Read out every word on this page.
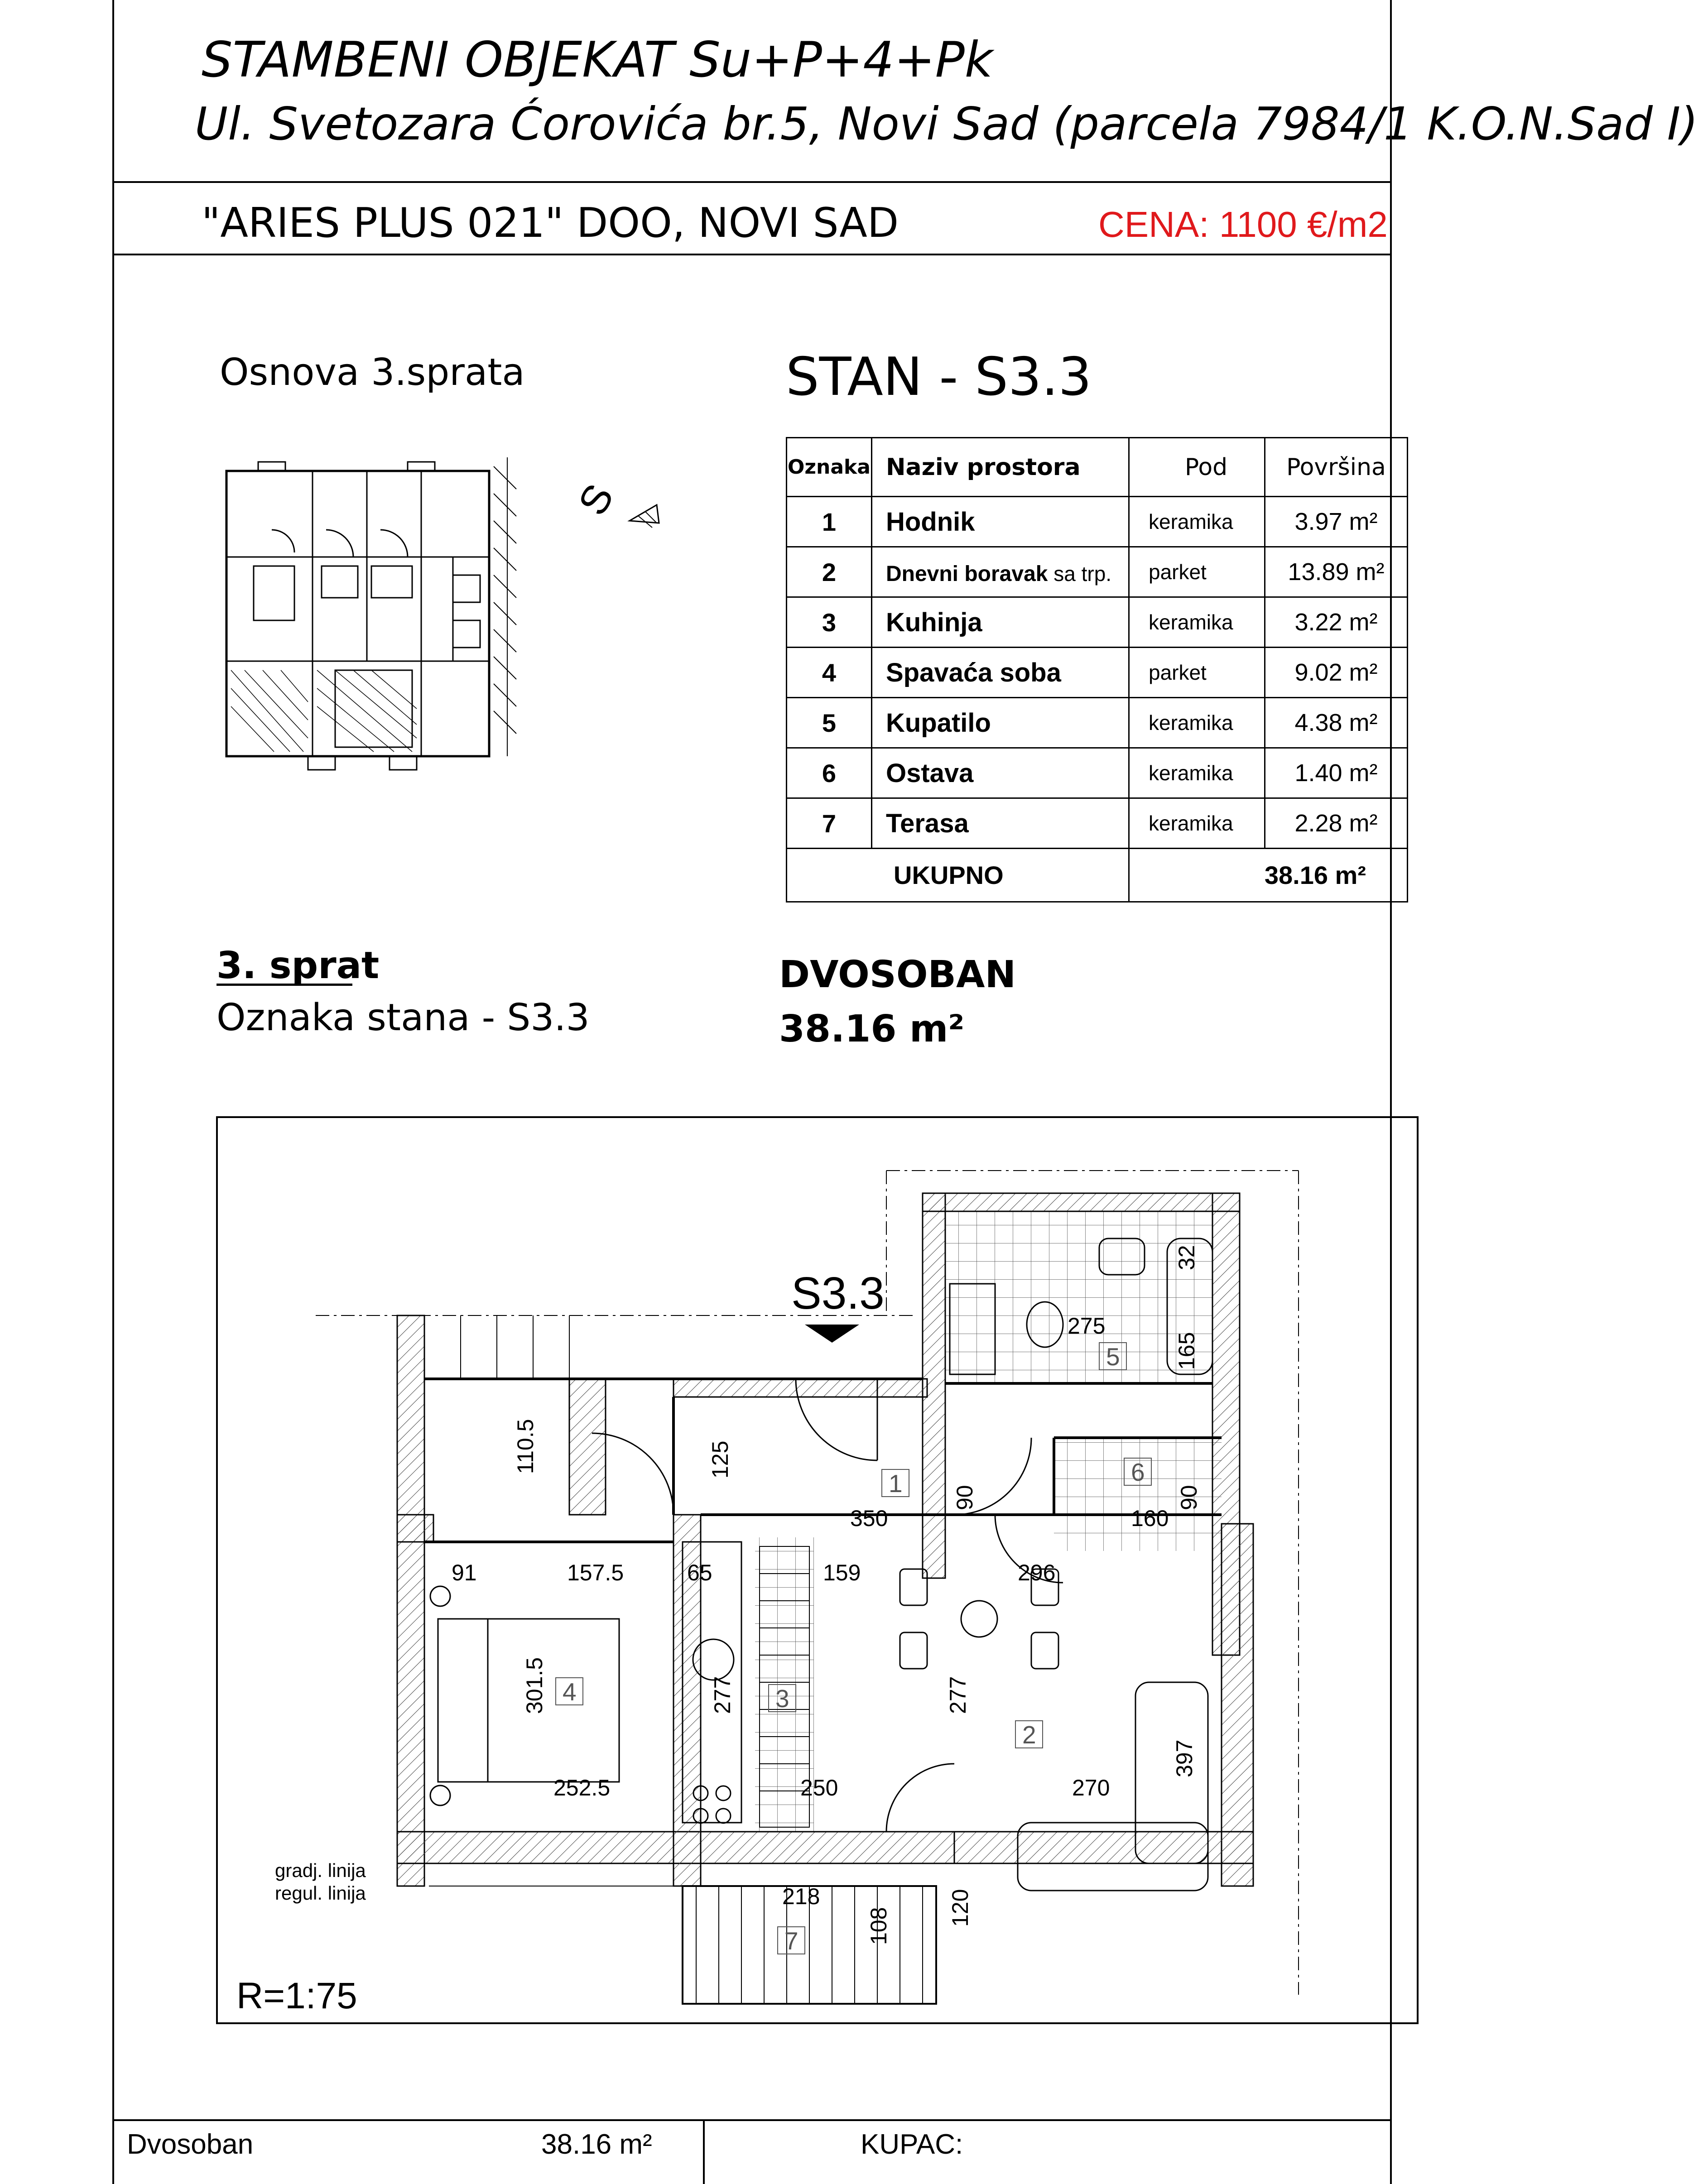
STAMBENI OBJEKAT Su+P+4+Pk
Ul. Svetozara Ćorovića br.5, Novi Sad (parcela 7984/1 K.O.N.Sad I)
"ARIES PLUS 021" DOO, NOVI SAD	CENA: 1100 €/m2
Osnova 3.sprata
S
STAN - S3.3
Oznaka	Naziv prostora	Pod	Površina
1	Hodnik	keramika	3.97 m²
2	Dnevni boravak sa trp.	parket	13.89 m²
3	Kuhinja	keramika	3.22 m²
4	Spavaća soba	parket	9.02 m²
5	Kupatilo	keramika	4.38 m²
6	Ostava	keramika	1.40 m²
7	Terasa	keramika	2.28 m²
UKUPNO		38.16 m²	
3. sprat
Oznaka stana - S3.3
DVOSOBAN
38.16 m²
S3.3
R=1:75
gradj. linija
regul. linija
110.5	125
350
90
160
90
32
275
165
91	157.5	65	159	296
301.5	277	277
397
252.5	250	270
218
108 120
1
2
3
4
5
6
7
Dvosoban	38.16 m²	KUPAC:
